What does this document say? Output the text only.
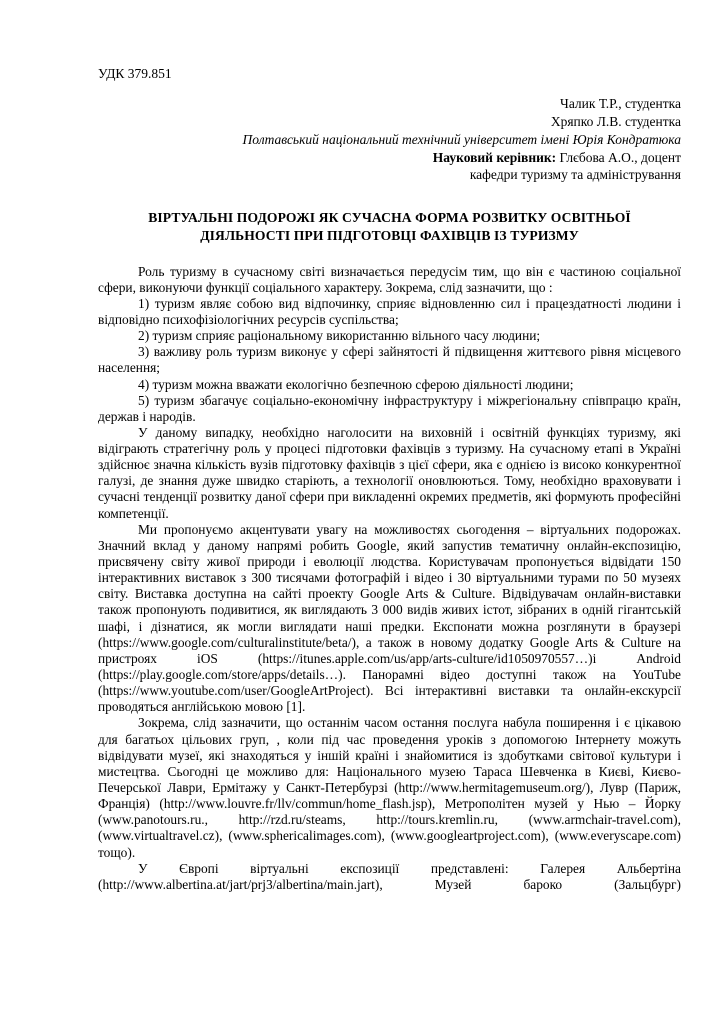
УДК 379.851
Чалик Т.Р., студентка
Хряпко Л.В. студентка
Полтавський національний технічний університет імені Юрія Кондратюка
Науковий керівник: Глєбова А.О., доцент
кафедри туризму та адміністрування
ВІРТУАЛЬНІ ПОДОРОЖІ ЯК СУЧАСНА ФОРМА РОЗВИТКУ ОСВІТНЬОЇ
ДІЯЛЬНОСТІ ПРИ ПІДГОТОВЦІ ФАХІВЦІВ ІЗ ТУРИЗМУ

Роль туризму в сучасному світі визначається передусім тим, що він є частиною соціальної сфери, виконуючи функції соціального характеру. Зокрема, слід зазначити, що :

1) туризм являє собою вид відпочинку, сприяє відновленню сил і працездатності людини і відповідно психофізіологічних ресурсів суспільства;

2) туризм сприяє раціональному використанню вільного часу людини;

3) важливу роль туризм виконує у сфері зайнятості й підвищення життєвого рівня місцевого населення;

4) туризм можна вважати екологічно безпечною сферою діяльності людини;

5) туризм збагачує соціально-економічну інфраструктуру і міжрегіональну співпрацю країн, держав і народів.

У даному випадку, необхідно наголосити на виховній і освітній функціях туризму, які відіграють стратегічну роль у процесі підготовки фахівців з туризму. На сучасному етапі в Україні здійснює значна кількість вузів підготовку фахівців з цієї сфери, яка є однією із високо конкурентної галузі, де знання дуже швидко старіють, а технології оновлюються. Тому, необхідно враховувати і сучасні тенденції розвитку даної сфери при викладенні окремих предметів, які формують професійні компетенції.

Ми пропонуємо акцентувати увагу на можливостях сьогодення – віртуальних подорожах. Значний вклад у даному напрямі робить Google, який запустив тематичну онлайн-експозицію, присвячену світу живої природи і еволюції людства. Користувачам пропонується відвідати 150 інтерактивних виставок з 300 тисячами фотографій і відео і 30 віртуальними турами по 50 музеях світу. Виставка доступна на сайті проекту Google Arts & Culture. Відвідувачам онлайн-виставки також пропонують подивитися, як виглядають 3 000 видів живих істот, зібраних в одній гігантській шафі, і дізнатися, як могли виглядати наші предки. Експонати можна розглянути в браузері (https://www.google.com/culturalinstitute/beta/), а також в новому додатку Google Arts & Culture на пристроях iOS (https://itunes.apple.com/us/app/arts-culture/id1050970557…)і Android (https://play.google.com/store/apps/details…). Панорамні відео доступні також на YouTube (https://www.youtube.com/user/GoogleArtProject). Всі інтерактивні виставки та онлайн-екскурсії проводяться англійською мовою [1].

Зокрема, слід зазначити, що останнім часом остання послуга набула поширення і є цікавою для багатьох цільових груп, , коли під час проведення уроків з допомогою Інтернету можуть відвідувати музеї, які знаходяться у іншій країні і знайомитися із здобутками світової культури і мистецтва. Сьогодні це можливо для: Національного музею Тараса Шевченка в Києві, Києво-Печерської Лаври, Ермітажу у Санкт-Петербурзі (http://www.hermitagemuseum.org/), Лувр (Париж, Франція) (http://www.louvre.fr/llv/commun/home_flash.jsp), Метрополітен музей у Нью – Йорку (www.panotours.ru., http://rzd.ru/steams, http://tours.kremlin.ru, (www.armchair-travel.com), (www.virtualtravel.cz), (www.sphericalimages.com), (www.googleartproject.com), (www.everyscape.com) тощо).

У Європі віртуальні експозиції представлені: Галерея Альбертіна (http://www.albertina.at/jart/prj3/albertina/main.jart), Музей бароко (Зальцбург)
